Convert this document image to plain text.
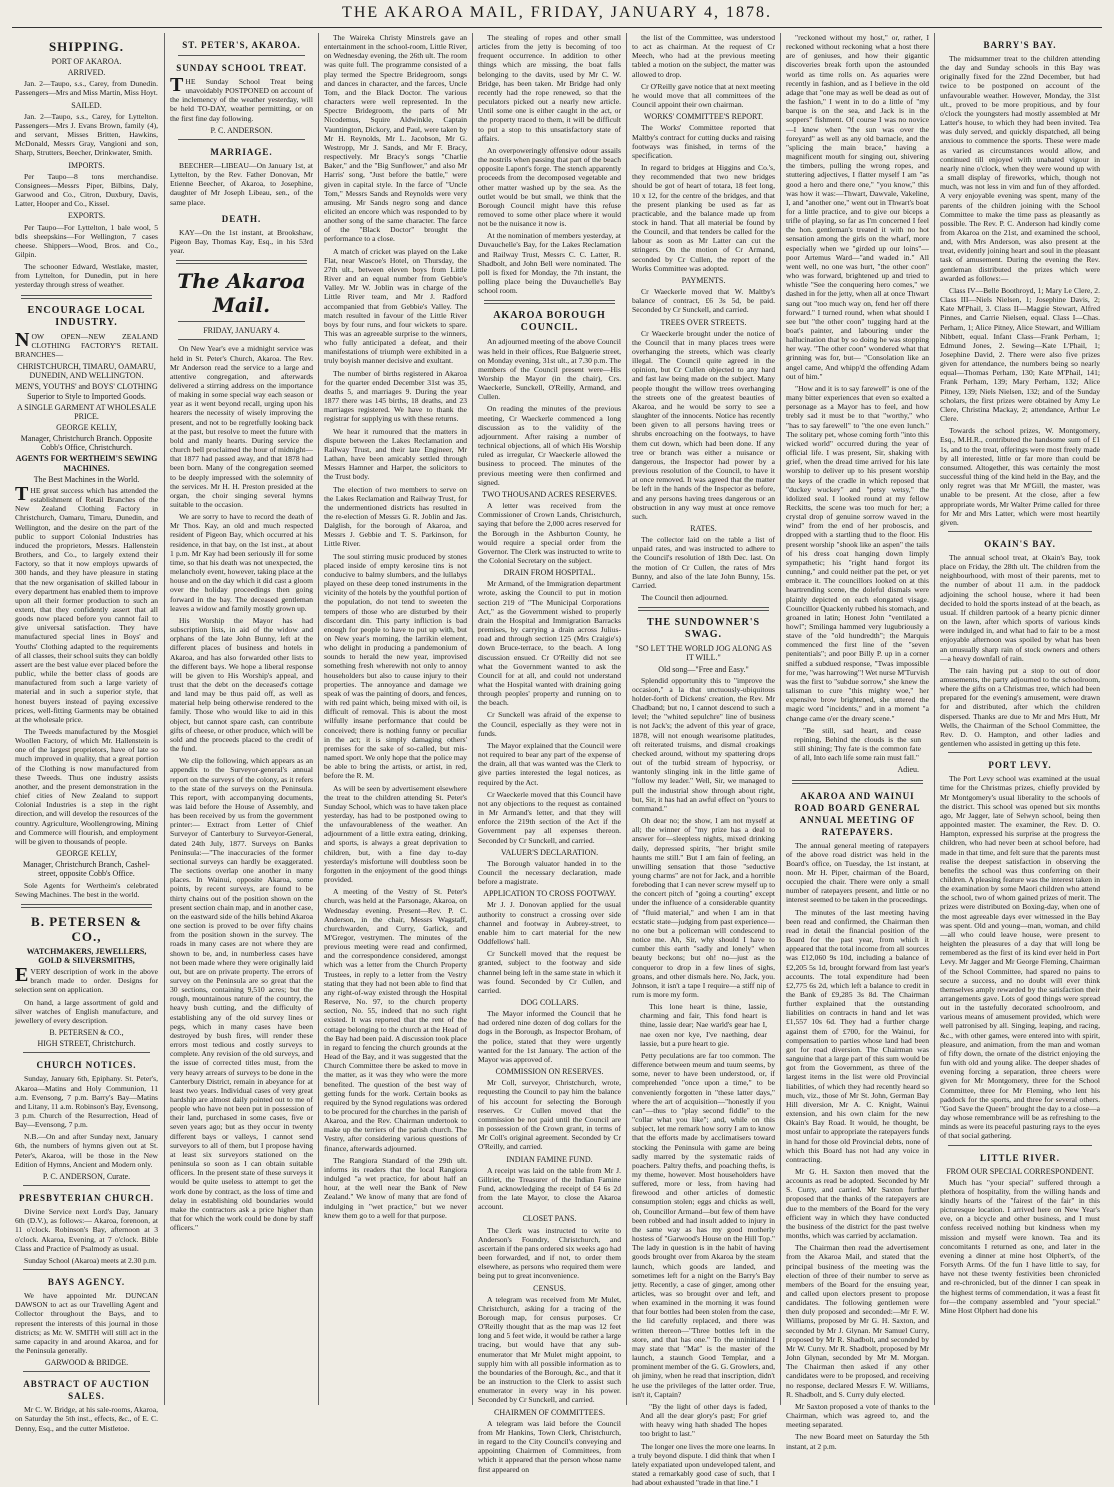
THE AKAROA MAIL, FRIDAY, JANUARY 4, 1878.
SHIPPING.
PORT OF AKAROA.
ARRIVED.

Jan. 2—Taupo, s.s., Carey, from Dunedin. Passengers—Mrs and Miss Martin, Miss Hoyt.

SAILED.

Jan. 2—Taupo, s.s., Carey, for Lyttelton. Passengers—Mrs J. Evans Brown, family (4), and servant, Misses Britten, Hawkins, McDonald, Messrs Gray, Vangioni and son, Sharp, Strutters, Beecher, Drinkwater, Smith.

IMPORTS.

Per Taupo—8 tons merchandise. Consignees—Messrs Piper, Bilbins, Daly, Garwood and Co., Citron, Duxbury, Davis, Latter, Hooper and Co., Kissel.

EXPORTS.

Per Taupo—For Lyttelton, 1 bale wool, 5 bdls sheepskins—For Wellington, 7 cases cheese. Shippers—Wood, Bros. and Co., Gilpin.

The schooner Edward, Westlake, master, from Lyttelton, for Dunedin, put in here yesterday through stress of weather.

ENCOURAGE LOCAL INDUSTRY.

NOW OPEN—NEW ZEALAND CLOTHING FACTORY'S RETAIL BRANCHES—

CHRISTCHURCH, TIMARU, OAMARU, DUNEDIN, AND WELLINGTON.
MEN'S, YOUTHS' and BOYS' CLOTHING Superior to Style to Imported Goods.
A SINGLE GARMENT AT WHOLESALE PRICE.
GEORGE KELLY,
Manager, Christchurch Branch. Opposite Cobb's Office, Christchurch.
AGENTS FOR WERTHEIM'S SEWING MACHINES.
The Best Machines in the World.

THE great success which has attended the establishment of Retail Branches of the New Zealand Clothing Factory in Christchurch, Oamaru, Timaru, Dunedin, and Wellington, and the desire on the part of the public to support Colonial Industries has induced the proprietors, Messrs. Hallenstein Brothers, and Co., to largely extend their Factory, so that it now employs upwards of 300 hands, and they have pleasure in stating that the new organisation of skilled labour in every department has enabled them to improve upon all their former production to such an extent, that they confidently assert that all goods now placed before you cannot fail to give universal satisfaction. They have manufactured special lines in Boys' and Youths' Clothing adapted to the requirements of all classes, their school suits they can boldly assert are the best value ever placed before the public, while the better class of goods are manufactured from such a large variety of material and in such a superior style, that honest buyers instead of paying excessive prices, well-fitting Garments may be obtained at the wholesale price.

The Tweeds manufactured by the Mosgiel Woollen Factory, of which Mr. Hallenstein is one of the largest proprietors, have of late so much improved in quality, that a great portion of the Clothing is now manufactured from these Tweeds. Thus one industry assists another, and the present demonstration in the chief cities of New Zealand to support Colonial Industries is a step in the right direction, and will develop the resources of the country. Agriculture, Woollengrowing, Mining and Commerce will flourish, and employment will be given to thousands of people.

GEORGE KELLY,
Manager, Christchurch Branch, Cashel-street, opposite Cobb's Office.

Sole Agents for Wertheim's celebrated Sewing Machines. The best in the world.

B. PETERSEN & CO.,
WATCHMAKERS, JEWELLERS, GOLD & SILVERSMITHS,

EVERY description of work in the above branch made to order. Designs for selection sent on application.

On hand, a large assortment of gold and silver watches of English manufacture, and jewellery of every description.

B. PETERSEN & CO.,
HIGH STREET, Christchurch.
CHURCH NOTICES.

Sunday, January 6th, Epiphany. St. Peter's, Akaroa—Matins and Holy Communion, 11 a.m. Evensong, 7 p.m. Barry's Bay—Matins and Litany, 11 a.m. Robinson's Bay, Evensong, 3 p.m. Church of the Resurrection, Head of Bay—Evensong, 7 p.m.

N.B.—On and after Sunday next, January 6th, the numbers of hymns given out at St. Peter's, Akaroa, will be those in the New Edition of Hymns, Ancient and Modern only.

P. C. ANDERSON, Curate.
PRESBYTERIAN CHURCH.

Divine Service next Lord's Day, January 6th (D.V.), as follows:— Akaroa, forenoon, at 11 o'clock. Robinson's Bay, afternoon at 3 o'clock. Akaroa, Evening, at 7 o'clock. Bible Class and Practice of Psalmody as usual.

Sunday School (Akaroa) meets at 2.30 p.m.

BAYS AGENCY.

We have appointed Mr. DUNCAN DAWSON to act as our Travelling Agent and Collector throughout the Bays, and to represent the interests of this journal in those districts; as Mr. W. SMITH will still act in the same capacity in and around Akaroa, and for the Peninsula generally.

GARWOOD & BRIDGE.
ABSTRACT OF AUCTION SALES.

Mr C. W. Bridge, at his sale-rooms, Akaroa, on Saturday the 5th inst., effects, &c., of E. C. Denny, Esq., and the cutter Mistletoe.

ST. PETER'S, AKAROA.
SUNDAY SCHOOL TREAT.

THE Sunday School Treat being unavoidably POSTPONED on account of the inclemency of the weather yesterday, will be held TO-DAY, weather permitting, or on the first fine day following.

P. C. ANDERSON.
MARRIAGE.

BEECHER—LIBEAU—On January 1st, at Lyttelton, by the Rev. Father Donovan, Mr Etienne Beecher, of Akaroa, to Josephine, daughter of Mr Joseph Libeau, sen., of the same place.

DEATH.

KAY—On the 1st instant, at Brookshaw, Pigeon Bay, Thomas Kay, Esq., in his 53rd year.

The Akaroa Mail.
FRIDAY, JANUARY 4.

On New Year's eve a midnight service was held in St. Peter's Church, Akaroa. The Rev. Mr Anderson read the service to a large and attentive congregation, and afterwards delivered a stirring address on the importance of making in some special way each season or year as it went beyond recall, urging upon his hearers the necessity of wisely improving the present, and not to be regretfully looking back at the past, but resolve to meet the future with bold and manly hearts. During service the church bell proclaimed the hour of midnight—that 1877 had passed away, and that 1878 had been born. Many of the congregation seemed to be deeply impressed with the solemnity of the services. Mr H. H. Preston presided at the organ, the choir singing several hymns suitable to the occasion.

We are sorry to have to record the death of Mr Thos. Kay, an old and much respected resident of Pigeon Bay, which occurred at his residence, in that bay, on the 1st inst., at about 1 p.m. Mr Kay had been seriously ill for some time, so that his death was not unexpected, the melancholy event, however, taking place at the house and on the day which it did cast a gloom over the holiday proceedings then going forward in the bay. The deceased gentleman leaves a widow and family mostly grown up.

His Worship the Mayor has had subscription lists, in aid of the widow and orphans of the late John Bunny, left at the different places of business and hotels in Akaroa, and has also forwarded other lists to the different bays. We hope a liberal response will be given to His Worship's appeal, and trust that the debt on the deceased's cottage and land may be thus paid off, as well as material help being otherwise rendered to the family. Those who would like to aid in this object, but cannot spare cash, can contribute gifts of cheese, or other produce, which will be sold and the proceeds placed to the credit of the fund.

We clip the following, which appears as an appendix to the Surveyor-general's annual report on the surveys of the colony, as it refers to the state of the surveys on the Peninsula. This report, with accompanying documents, was laid before the House of Assembly, and has been received by us from the government printer:— Extract from Letter of Chief Surveyor of Canterbury to Surveyor-General, dated 24th July, 1877. Surveys on Banks Peninsula:—"The inaccuracies of the former sectional surveys can hardly be exaggerated. The sections overlap one another in many places. In Wainui, opposite Akaroa, some points, by recent surveys, are found to be thirty chains out of the position shown on the present section chain map, and in another case, on the eastward side of the hills behind Akaroa one section is proved to be over fifty chains from the position shown in the survey. The roads in many cases are not where they are shown to be, and, in numberless cases have not been made where they were originally laid out, but are on private property. The errors of survey on the Peninsula are so great that the 30 sections, containing 9,510 acres; but the rough, mountainous nature of the country, the heavy bush cutting, and the difficulty of establishing any of the old survey lines or pegs, which in many cases have been destroyed by bush fires, will render these errors most tedious and costly surveys to complete. Any revision of the old surveys, and the issue of corrected titles must, from the very heavy arrears of surveys to be done in the Canterbury District, remain in abeyance for at least two years. Individual cases of very great hardship are almost daily pointed out to me of people who have not been put in possession of their land, purchased in some cases, five or seven years ago; but as they occur in twenty different bays or valleys, I cannot send surveyors to all of them, but I propose having at least six surveyors stationed on the peninsula so soon as I can obtain suitable officers. In the present state of these surveys it would be quite useless to attempt to get the work done by contract, as the loss of time and delay in establishing old boundaries would make the contractors ask a price higher than that for which the work could be done by staff officers."

The Waireka Christy Minstrels gave an entertainment in the school-room, Little River, on Wednesday evening, the 26th ult. The room was quite full. The programme consisted of a play termed the Spectre Bridegroom, songs and dances in character, and the farces, Uncle Tom, and the Black Doctor. The various characters were well represented. In the Spectre Bridegroom, the parts of Mr Nicodemus, Squire Aldwinkle, Captain Vauntington, Dickory, and Paul, were taken by Mr H. Reynolds, Mr L. Jacobson, Mr G. Westropp, Mr J. Sands, and Mr F. Bracy, respectively. Mr Bracy's songs "Charlie Baker," and the "Big Sunflower," and also Mr Harris' song, "Just before the battle," were given in capital style. In the farce of "Uncle Tom," Messrs Sands and Reynolds were very amusing. Mr Sands negro song and dance elicited an encore which was responded to by another song of the same character. The farce of the "Black Doctor" brought the performance to a close.

A match of cricket was played on the Lake Flat, near Wascoe's Hotel, on Thursday, the 27th ult., between eleven boys from Little River and an equal number from Gebbie's Valley. Mr W. Joblin was in charge of the Little River team, and Mr J. Radford accompanied that from Gebbie's Valley. The match resulted in favour of the Little River boys by four runs, and four wickets to spare. This was an agreeable surprise to the winners, who fully anticipated a defeat, and their manifestations of triumph were exhibited in a truly boyish manner decisive and exultant.

The number of births registered in Akaroa for the quarter ended December 31st was 35, deaths 5, and marriages 9. During the year 1877 there was 145 births, 18 deaths, and 23 marriages registered. We have to thank the registrar for supplying us with these returns.

We hear it rumoured that the matters in dispute between the Lakes Reclamation and Railway Trust, and their late Engineer, Mr Lathan, have been amicably settled through Messrs Hamner and Harper, the solicitors to the Trust body.

The election of two members to serve on the Lakes Reclamation and Railway Trust, for the undermentioned districts has resulted in the re-election of Messrs G. R. Joblin and Jas. Dalglish, for the borough of Akaroa, and Messrs J. Gebbie and T. S. Parkinson, for Little River.

The soul stirring music produced by stones placed inside of empty kerosine tins is not conducive to balmy slumbers, and the lullabys played on these deep toned instruments in the vicinity of the hotels by the youthful portion of the population, do not tend to sweeten the tempers of those who are disturbed by their discordant din. This party infliction is bad enough for people to have to put up with, but on New year's morning, the larrikin element, who delight in producing a pandemonium of sounds to herald the new year, improvised something fresh wherewith not only to annoy householders but also to cause injury to their properties. The annoyance and damage we speak of was the painting of doors, and fences, with red paint which, being mixed with oil, is difficult of removal. This is about the most wilfully insane performance that could be conceived; there is nothing funny or peculiar in the act; it is simply damaging others' premises for the sake of so-called, but mis-named sport. We only hope that the police may be able to bring the artists, or artist, in red, before the R. M.

As will be seen by advertisement elsewhere the treat to the children attending St. Peter's Sunday School, which was to have taken place yesterday, has had to be postponed owing to the unfavourableness of the weather. An adjournment of a little extra eating, drinking, and sports, is always a great deprivation to children, but, with a fine day to-day yesterday's misfortune will doubtless soon be forgotten in the enjoyment of the good things provided.

A meeting of the Vestry of St. Peter's church, was held at the Parsonage, Akaroa, on Wednesday evening. Present—Rev. P. C. Anderson, in the chair, Messrs Wagstaff, churchwarden, and Curry, Garlick, and M'Gregor, vestrymen. The minutes of the previous meeting were read and confirmed, and the correspondence considered, amongst which was a letter from the Church Property Trustees, in reply to a letter from the Vestry stating that they had not been able to find that any right-of-way existed through the Hospital Reserve, No. 97, to the church property section, No. 55, indeed that no such right existed. It was reported that the rent of the cottage belonging to the church at the Head of the Bay had been paid. A discussion took place in regard to fencing the church grounds at the Head of the Bay, and it was suggested that the Church Committee there be asked to move in the matter, as it was they who were the more benefited. The question of the best way of getting funds for the work. Certain books as required by the Synod regulations was ordered to be procured for the churches in the parish of Akaroa, and the Rev. Chairman undertook to make up the terriers of the parish church. The Vestry, after considering various questions of finance, afterwards adjourned.

The Rangiora Standard of the 29th ult. informs its readers that the local Rangiora indulged "a wet practice, for about half an hour, at the well near the Bank of New Zealand." We know of many that are fond of indulging in "wet practice," but we never knew them go to a well for that purpose.

The stealing of ropes and other small articles from the jetty is becoming of too frequent occurrence. In addition to other things which are missing, the boat falls belonging to the davits, used by Mr C. W. Bridge, has been taken. Mr Bridge had only recently had the rope renewed, so that the peculators picked out a nearly new article. Until some one is either caught in the act, or the property traced to them, it will be difficult to put a stop to this unsatisfactory state of affairs.

An overpoweringly offensive odour assails the nostrils when passing that part of the beach opposite Lapont's forge. The stench apparently proceeds from the decomposed vegetable and other matter washed up by the sea. As the outlet would be but small, we think that the Borough Council might have this refuse removed to some other place where it would not be the nuisance it now is.

At the nomination of members yesterday, at Duvauchelle's Bay, for the Lakes Reclamation and Railway Trust, Messrs C. C. Latter, R. Shadbolt, and John Bell were nominated. The poll is fixed for Monday, the 7th instant, the polling place being the Duvauchelle's Bay school room.

AKAROA BOROUGH COUNCIL.

An adjourned meeting of the above Council was held in their offices, Rue Balguerie street, on Monday evening, 31st ult., at 7.30 p.m. The members of the Council present were—His Worship the Mayor (in the chair), Crs. Waeckerle, Sunckell, O'Reilly, Armand, and Cullen.

On reading the minutes of the previous meeting, Cr Waeckerle commenced a long discussion as to the validity of the adjournment. After raising a number of technical objections, all of which His Worship ruled as irregular, Cr Waeckerle allowed the business to proceed. The minutes of the previous meeting were then confirmed and signed.

TWO THOUSAND ACRES RESERVES.

A letter was received from the Commissioner of Crown Lands, Christchurch, saying that before the 2,000 acres reserved for the Borough in the Ashburton County, he would require a special order from the Governor. The Clerk was instructed to write to the Colonial Secretary on the subject.

DRAIN FROM HOSPITAL.

Mr Armand, of the Immigration department wrote, asking the Council to put in motion section 219 of "The Municipal Corporations Act," as the Government wished to properly drain the Hospital and Immigration Barracks premises, by carrying a drain across Julius-road and through section 125 (Mrs Craigie's) down Bruce-terrace, to the beach. A long discussion ensued. Cr O'Reilly did not see what the Government wanted to ask the Council for at all, and could not understand what the Hospital wanted with draining going through peoples' property and running on to the beach.

Cr Sunckell was afraid of the expense to the Council, especially as they were not in funds.

The Mayor explained that the Council were not required to bear any part of the expense of the drain, all that was wanted was the Clerk to give parties interested the legal notices, as required by the Act.

Cr Waeckerle moved that this Council have not any objections to the request as contained in Mr Armand's letter, and that they will enforce the 219th section of the Act if the Government pay all expenses thereon. Seconded by Cr Sunckell, and carried.

VALUER'S DECLARATION.

The Borough valuator handed in to the Council the necessary declaration, made before a magistrate.

APPLICATION TO CROSS FOOTWAY.

Mr J. J. Donovan applied for the usual authority to construct a crossing over side channel and footway in Aubrey-street, to enable him to cart material for the new Oddfellows' hall.

Cr Sunckell moved that the request be granted, subject to the footway and side channel being left in the same state in which it was found. Seconded by Cr Cullen, and carried.

DOG COLLARS.

The Mayor informed the Council that he had ordered nine dozen of dog collars for the dogs in the Borough, as Inspector Broham, of the police, stated that they were urgently wanted for the 1st January. The action of the Mayor was approved of.

COMMISSION ON RESERVES.

Mr Coll, surveyor, Christchurch, wrote, requesting the Council to pay him the balance of his account for selecting the Borough reserves. Cr Cullen moved that the commission be not paid until the Council are in possession of the Crown grant, in terms of Mr Coll's original agreement. Seconded by Cr O'Reilly, and carried.

INDIAN FAMINE FUND.

A receipt was laid on the table from Mr J. Gillriet, the Treasurer of the Indian Famine Fund, acknowledging the receipt of £4 6s 2d from the late Mayor, to close the Akaroa account.

CLOSET PANS.

The Clerk was instructed to write to Anderson's Foundry, Christchurch, and ascertain if the pans ordered six weeks ago had been forwarded, and if not, to order them elsewhere, as persons who required them were being put to great inconvenience.

CENSUS.

A telegram was received from Mr Mulet, Christchurch, asking for a tracing of the Borough map, for census purposes. Cr O'Reilly thought that as the map was 12 feet long and 5 feet wide, it would be rather a large tracing, but would have that any sub-enumerator that Mr Mulet might appoint, to supply him with all possible information as to the boundaries of the Borough, &c., and that it be an instruction to the Clerk to assist such enumerator in every way in his power. Seconded by Cr Sunckell, and carried.

CHAIRMEN OF COMMITTEES.

A telegram was laid before the Council from Mr Hankins, Town Clerk, Christchurch, in regard to the City Council's conveying and appointing Chairmen of Committees, from which it appeared that the person whose name first appeared on

the list of the Committee, was understood to act as chairman. At the request of Cr Meech, who had at the previous meeting tabled a motion on the subject, the matter was allowed to drop.

Cr O'Reilly gave notice that at next meeting he would move that all committees of the Council appoint their own chairman.

WORKS' COMMITTEE'S REPORT.

The Works' Committee reported that Maltby's contract for cutting ducks and raising footways was finished, in terms of the specification.

In regard to bridges at Higgins and Co.'s, they recommended that two new bridges should be got of heart of totara, 18 feet long, 10 x 12, for the centre of the bridges, and that the present planking be used as far as practicable, and the balance made up from stock in hand. That all material be found by the Council, and that tenders be called for the labour as soon as Mr Latter can cut the stringers. On the motion of Cr Armand, seconded by Cr Cullen, the report of the Works Committee was adopted.

PAYMENTS.

Cr Waeckerle moved that W. Maltby's balance of contract, £6 3s 5d, be paid. Seconded by Cr Sunckell, and carried.

TREES OVER STREETS.

Cr Waeckerle brought under the notice of the Council that in many places trees were overhanging the streets, which was clearly illegal. The Council quite agreed in the opinion, but Cr Cullen objected to any hard and fast law being made on the subject. Many people thought the willow trees overhanging the streets one of the greatest beauties of Akaroa, and he would be sorry to see a slaughter of the innocents. Notice has recently been given to all persons having trees or shrubs encroaching on the footways, to have them cut down, which had been done. If any tree or branch was either a nuisance or dangerous, the Inspector had power by a previous resolution of the Council, to have it at once removed. It was agreed that the matter be left in the hands of the Inspector as before, and any persons having trees dangerous or an obstruction in any way must at once remove such.

RATES.

The collector laid on the table a list of unpaid rates, and was instructed to adhere to the Council's resolution of 18th Dec. last. On the motion of Cr Cullen, the rates of Mrs Bunny, and also of the late John Bunny, 15s. Carried.

The Council then adjourned.

THE SUNDOWNER'S SWAG.
"SO LET THE WORLD JOG ALONG AS IT WILL."
Old song—"Free and Easy."

Splendid opportunity this to "improve the occasion," a la that unctuously-ubiquitous holder-forth of Dickens' creation, the Rev. Mr Chadband; but no, I cannot descend to such a level; the "whited sepulchre" line of business is not Jack's; the advent of this year of grace, 1878, will not enough wearisome platitudes, oft reiterated truisms, and dismal croakings checked around, without my spattering drops out of the turbid stream of hypocrisy, or wantonly slinging ink in the little game of "follow my leader." Well, Sir, we managed to pull the industrial show through about right, but, Sir, it has had an awful effect on "yours to command."

Oh dear no; the show, I am not myself at all; the winner of "my prize has a deal to answer for—sleepless nights, mixed drinking daily, depressed spirits, "her bright smile haunts me still." But I am fain of feeling, an unwilling sensation that those "seductive young charms" are not for Jack, and a horrible foreboding that I can never screw myself up to the concert pitch of "going a courting" except under the influence of a considerable quantity of "fluid material," and when I am in that ecstatic state—judging from past experience—no one but a policeman will condescend to notice me. Ah, Sir, why should I have to cumber this earth "sadly and lonely" when beauty beckons; but oh! no—just as the conqueror to drop in a few lines of sighs, groans, and other dismals here. No, Jack, you. Johnson, it isn't a tape I require—a stiff nip of rum is more my form.

This lone heart is thine, lassie, charming and fair, This fond heart is thine, lassie dear; Nae warld's gear hae I, nae oxen nor kye, I've naething, dear lassie, but a pure heart to gie.

Petty peculations are far too common. The difference between meum and tuum seems, by some, never to have been understood, or, if comprehended "once upon a time," to be conveniently forgotten in "these latter days," where the art of acquisition—"honestly if you can"—thus to "play second fiddle" to the "collar what you like"; and, while on this subject, let me remark how sorry I am to know that the efforts made by acclimatisers toward stocking the Peninsula with game are being sadly marred by the systematic raids of poachers. Paltry thefts, and poaching thefts, is my theme, however. Most householders have suffered, more or less, from having had firewood and other articles of domestic consumption stolen; eggs and chicks as well, oh, Councillor Armand—but few of them have been robbed and had insult added to injury in the same way as has my good motherly hostess of "Garwood's House on the Hill Top." The lady in question is in the habit of having goods brought over from Akaroa by the steam launch, which goods are landed, and sometimes left for a night on the Barry's Bay jetty. Recently, a case of ginger, among other articles, was so brought over and left, and when examined in the morning it was found that four bottles had been stolen from the case, the lid carefully replaced, and there was written thereon—"Three bottles left in the store, and that has one." To the uninitiated I may state that "Mat" is the master of the launch, a staunch Good Templar, and a prominent member of the G. G. Growlers, and, oh jiminy, when he read that inscription, didn't he use the privileges of the latter order. True, isn't it, Captain?

"By the light of other days is faded, And all the dear glory's past; For grief with heavy wing hath shaded The hopes too bright to last."

The longer one lives the more one learns. In a truly beyond dispute. I did think that when I lately expatiated upon undeveloped talent, and stated a remarkably good case of such, that I had about exhausted "trade in that line." I

"reckoned without my host," or, rather, I reckoned without reckoning what a host there are of geniuses, and how their gigantic discoveries break forth upon the astounded world as time rolls on. As aquaries were recently in fashion, and as I believe in the old adage that "one may as well be dead as out of the fashion," I went in to do a little of "my barque is on the sea, and Jack is in the soppers" fishment. Of course I was no novice—I knew when "the sun was over the foreyard" as well as any old barnacle, and the "splicing the main brace," having a magnificent mouth for singing out, shivering the timbers, pulling the wrong ropes, and stuttering adjectives, I flatter myself I am "as good a hero and there one," "you know," this was how it was:—Thwart, Dawvale, Vakeline, I, and "another one," went out in Thwart's boat for a little practice, and to give our biceps a trifle of playing, so far as I'm concerned I feel the hon. gentleman's treated it with no hot sensation among the girls on the wharf, more especially when we "girded up our loins"—poor Artemus Ward—"and waded in." All went well, no one was hurt, "the other coon" who was forward, brightened up and tried to whistle "See the conquering hero comes," we dashed in for the jetty, when all at once Thwart sang out "too much way on, fend her off there forward." I turned round, when what should I see but "the other coon" tugging hard at the boat's painter, and labouring under the hallucination that by so doing he was stopping her way. "The other coon" wondered what that grinning was for, but— "Consolation like an angel came, And whipp'd the offending Adam out of him."

"How and it is to say farewell" is one of the many bitter experiences that even so exalted a personage as a Mayor has to feel, and how trebly sad it must be to that "worthy," who "has to say farewell" to "the one even lunch." The solitary pet, whose coming forth "into this wicked world" occurred during the year of official life. I was present, Sir, shaking with grief, when the dread time arrived for his late worship to deliver up to his present worship the keys of the cradle in which reposed that "duckey wuckey" and "petsy wetsy," the idolized seal. I looked round at my fellow Reckitts, the scene was too much for her; a crystal drop of genuine sorrow waved in the wind" from the end of her proboscis, and dropped with a startling thud to the floor. His present worship "shook like an aspen" the tails of his dress coat hanging down limply sympathetic; his "right hand forgot its cunning," and could neither pat the pet, or yet embrace it. The councillors looked on at this heartrending scene, the doleful dismals were plainly depicted on each elongated visage. Councillor Quackenly rubbed his stomach, and groaned in latin; Honest John "ventilated a howl"; Smilinga hammed very lugubriously a stave of the "old hundredth"; the Marquis commenced the first line of the "seven penitentials"; and poor Billy P. up in a corner sniffed a subdued response, "Twas impossible for me, "was harrowing"! Wet nurse M'Turvish was the first to "subdue sorrow," she knew the talisman to cure "this mighty woe," her expensive brow brightened, she uttered the magic word "incidents," and in a moment "a change came o'er the dreary scene."

"Be still, sad heart, and cease repining, Behind the clouds is the sun still shining; Thy fate is the common fate of all, Into each life some rain must fall."

Adieu.
AKAROA AND WAINUI ROAD BOARD GENERAL ANNUAL MEETING OF RATEPAYERS.

The annual general meeting of ratepayers of the above road district was held in the Board's office, on Tuesday, the 1st instant, at noon. Mr H. Piper, chairman of the Board, occupied the chair. There were only a small number of ratepayers present, and little or no interest seemed to be taken in the proceedings.

The minutes of the last meeting having been read and confirmed, the Chairman then read in detail the financial position of the Board for the past year, from which it appeared that the total income from all sources was £12,060 9s 10d, including a balance of £2,205 5s 1d, brought forward from last year's accounts. The total expenditure had been £2,775 6s 2d, which left a balance to credit in the Bank of £9,285 3s 8d. The Chairman further explained that the outstanding liabilities on contracts in hand and let was £1,557 10s 6d. They had a further charge against them of £700, for the Wainui, for compensation to parties whose land had been got for road diversion. The Chairman was sanguine that a large part of this sum would be got from the Government, as three of the largest items in the list were old Provincial liabilities, of which they had recently heard so much, viz., those of Mr St. John, German Bay Hill diversion, Mr A. C. Knight, Wainui extension, and his own claim for the new Okain's Bay Road. It would, he thought, be most unfair to appropriate the ratepayers funds in hand for those old Provincial debts, none of which this Board has not had any voice in contracting.

Mr G. H. Saxton then moved that the accounts as read be adopted. Seconded by Mr S. Curry, and carried. Mr Saxton further proposed that the thanks of the ratepayers are due to the members of the Board for the very efficient way in which they have conducted the business of the district for the past twelve months, which was carried by acclamation.

The Chairman then read the advertisement from the Akaroa Mail, and stated that the principal business of the meeting was the election of three of their number to serve as members of the Board for the ensuing year, and called upon electors present to propose candidates. The following gentlemen were then duly proposed and seconded:—Mr F. W. Williams, proposed by Mr G. H. Saxton, and seconded by Mr J. Glynan. Mr Samuel Curry, proposed by Mr R. Shadbolt, and seconded by Mr W. Curry. Mr R. Shadbolt, proposed by Mr John Glynan, seconded by Mr M. Morgan. The Chairman then asked if any other candidates were to be proposed, and receiving no response, declared Messrs F. W. Williams, R. Shadbolt, and S. Curry duly elected.

Mr Saxton proposed a vote of thanks to the Chairman, which was agreed to, and the meeting separated.

The new Board meet on Saturday the 5th instant, at 2 p.m.

BARRY'S BAY.

The midsummer treat to the children attending the day and Sunday schools in this Bay was originally fixed for the 22nd December, but had twice to be postponed on account of the unfavourable weather. However, Monday, the 31st ult., proved to be more propitious, and by four o'clock the youngsters had mostly assembled at Mr Latter's house, to which they had been invited. Tea was duly served, and quickly dispatched, all being anxious to commence the sports. These were made as varied as circumstances would allow, and continued till enjoyed with unabated vigour in nearly nine o'clock, when they were wound up with a small display of fireworks, which, though not much, was not less in vim and fun of they afforded. A very enjoyable evening was spent, many of the parents of the children joining with the School Committee to make the time pass as pleasantly as possible. The Rev. P. C. Anderson had kindly come from Akaroa on the 21st, and examined the school, and, with Mrs Anderson, was also present at the treat, evidently joining heart and soul in the pleasant task of amusement. During the evening the Rev. gentleman distributed the prizes which were awarded as follows:—

Class IV—Belle Boothroyd, 1; Mary Le Clere, 2. Class III—Niels Nielsen, 1; Josephine Davis, 2; Kate M'Phail, 3. Class II—Maggie Stewart, Alfred Pinnes, and Carrie Nielsen, equal. Class I—Chas. Perham, 1; Alice Pitney, Alice Stewart, and William Nibbett, equal. Infant Class—Frank Perham, 1; Edmund Jones, 2. Sewing—Kate L'Phail, 1; Josephine David, 2. There were also five prizes given for attendance, the numbers being so nearly equal—Thomas Perham, 130; Kate M'Phail, 141; Frank Perham, 139; Mary Perham, 132; Alice Pitney, 139; Niels Nielsen, 132; and of the Sunday scholars, the first prizes were obtained by Amy Le Clere, Christina Mackay, 2; attendance, Arthur Le Clere.

Towards the school prizes, W. Montgomery, Esq., M.H.R., contributed the handsome sum of £1 1s, and to the treat, offerings were most freely made by all interested, little or far more than could be consumed. Altogether, this was certainly the most successful thing of the kind held in the Bay, and the only regret was that Mr M'Gill, the master, was unable to be present. At the close, after a few appropriate words, Mr Walter Prime called for three for Mr and Mrs Latter, which were most heartily given.

OKAIN'S BAY.

The annual school treat, at Okain's Bay, took place on Friday, the 28th ult. The children from the neighbourhood, with most of their parents, met to the number of about 11 a.m. in the paddock adjoining the school house, where it had been decided to hold the sports instead of at the beach, as usual. If children partook of a hearty picnic dinner on the lawn, after which sports of various kinds were indulged in, and what had to fair to be a most enjoyable afternoon was spoiled by what has been an unusually sharp rain of stock owners and others—a heavy downfall of rain.

The rain having put a stop to out of door amusements, the party adjourned to the schoolroom, where the gifts on a Christmas tree, which had been prepared for the evening's amusement, were drawn for and distributed, after which the children dispersed. Thanks are due to Mr and Mrs Hutt, Mr Wells, the Chairman of the School Committee, the Rev. D. O. Hampton, and other ladies and gentlemen who assisted in getting up this fete.

PORT LEVY.

The Port Levy school was examined at the usual time for the Christmas prizes, chiefly provided by Mr Montgomery's usual liberality to the schools of the district. This school was opened but six months ago, Mr Jagger, late of Selwyn school, being then appointed master. The examiner, the Rev. D. O. Hampton, expressed his surprise at the progress the children, who had never been at school before, had made in that time, and felt sure that the parents must realise the deepest satisfaction in observing the benefits the school was thus conferring on their children. A pleasing feature was the interest taken in the examination by some Maori children who attend the school, two of whom gained prizes of merit. The prizes were distributed on Boxing-day, when one of the most agreeable days ever witnessed in the Bay was spent. Old and young—man, woman, and child—all who could leave house, were present to heighten the pleasures of a day that will long be remembered as the first of its kind ever held in Port Levy. Mr Jagger and Mr George Fleming, Chairman of the School Committee, had spared no pains to secure a success, and no doubt will ever think themselves amply rewarded by the satisfaction their arrangements gave. Lots of good things were spread out in the tastefully decorated schoolroom, and various means of amusement provided, which were well patronised by all. Singing, leaping, and racing, &c., with other games, were entered into with spirit, pleasure, and animation, from the man and woman of fifty down, the ornate of the district enjoying the fun with old and young alike. The deeper shades of evening forcing a separation, three cheers were given for Mr Montgomery, three for the School Committee, three for Mr Fleming, who lent his paddock for the sports, and three for several others. "God Save the Queen" brought the day to a close—a day whose remembrance will be as refreshing to the minds as were its peaceful pasturing rays to the eyes of that social gathering.

LITTLE RIVER.
FROM OUR SPECIAL CORRESPONDENT.

Much has "your special" suffered through a plethora of hospitality, from the willing hands and kindly hearts of the "fairest of the fair" in this picturesque location. I arrived here on New Year's eve, on a bicycle and other business, and I must confess received nothing but kindness when my mission and myself were known. Tea and its concomitants I returned as one, and later in the evening a dinner at mine host Olphert's, of the Forsyth Arms. Of the fun I have little to say, for have not these twenty festivities been chronicled and re-chronicled, but of the dinner I can speak in the highest terms of commendation, it was a feast fit for—the company assembled and "your special." Mine Host Olphert had done his
